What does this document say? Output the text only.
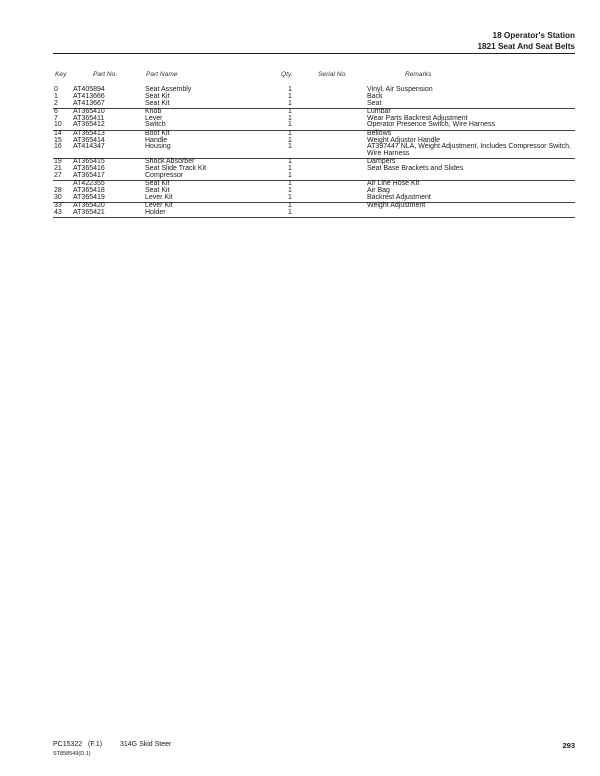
18 Operator's Station
1821 Seat And Seat Belts
Key	Part No.	Part Name	Qty.	Serial No.	Remarks
0 AT405894	Seat Assembly	1	Vinyl, Air Suspension
1 AT413666	Seat Kit	1	Back
2 AT413667	Seat Kit	1	Seat
6 AT365410	Knob	1	Lumbar
7 AT365411	Lever	1	Wear Parts Backrest Adjustment
10 AT365412	Switch	1	Operator Presence Switch, Wire Harness
14 AT365413	Boot Kit	1	Bellows
15 AT365414	Handle	1	Weight Adjustor Handle
16 AT414347	Housing	1	AT397447 NLA, Weight Adjustment, Includes Compressor Switch, Wire Harness
19 AT365415	Shock Absorber	1	Dampers
21 AT365416	Seat Slide Track Kit	1	Seat Base Brackets and Slides
27 AT365417	Compressor	1
AT422355	Seat Kit	1	Air Line Hose Kit
28 AT365418	Seat Kit	1	Air Bag
30 AT365419	Lever Kit	1	Backrest Adjustment
33 AT365420	Lever Kit	1	Weight Adjustment
43 AT365421	Holder	1
PC15322 (F.1)	314G Skid Steer	293
ST858549(D.1)
